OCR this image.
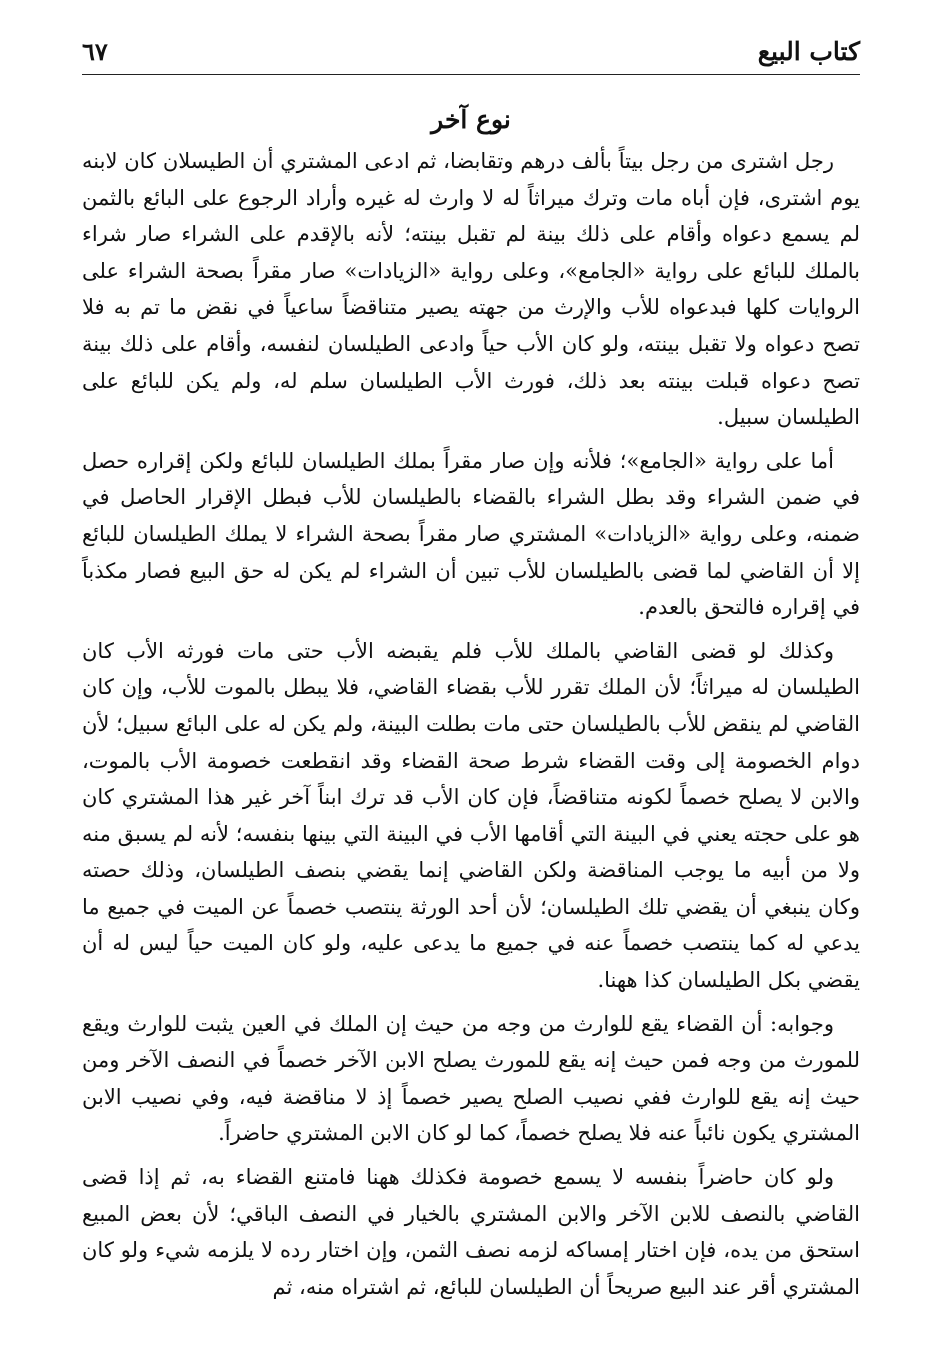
كتاب البيع
٦٧
نوع آخر

رجل اشترى من رجل بيتاً بألف درهم وتقابضا، ثم ادعى المشتري أن الطيسلان كان لابنه يوم اشترى، فإن أباه مات وترك ميراثاً له لا وارث له غيره وأراد الرجوع على البائع بالثمن لم يسمع دعواه وأقام على ذلك بينة لم تقبل بينته؛ لأنه بالإقدم على الشراء صار شراء بالملك للبائع على رواية «الجامع»، وعلى رواية «الزيادات» صار مقراً بصحة الشراء على الروايات كلها فبدعواه للأب والإرث من جهته يصير متناقضاً ساعياً في نقض ما تم به فلا تصح دعواه ولا تقبل بينته، ولو كان الأب حياً وادعى الطيلسان لنفسه، وأقام على ذلك بينة تصح دعواه قبلت بينته بعد ذلك، فورث الأب الطيلسان سلم له، ولم يكن للبائع على الطيلسان سبيل.

أما على رواية «الجامع»؛ فلأنه وإن صار مقراً بملك الطيلسان للبائع ولكن إقراره حصل في ضمن الشراء وقد بطل الشراء بالقضاء بالطيلسان للأب فبطل الإقرار الحاصل في ضمنه، وعلى رواية «الزيادات» المشتري صار مقراً بصحة الشراء لا يملك الطيلسان للبائع إلا أن القاضي لما قضى بالطيلسان للأب تبين أن الشراء لم يكن له حق البيع فصار مكذباً في إقراره فالتحق بالعدم.

وكذلك لو قضى القاضي بالملك للأب فلم يقبضه الأب حتى مات فورثه الأب كان الطيلسان له ميراثاً؛ لأن الملك تقرر للأب بقضاء القاضي، فلا يبطل بالموت للأب، وإن كان القاضي لم ينقض للأب بالطيلسان حتى مات بطلت البينة، ولم يكن له على البائع سبيل؛ لأن دوام الخصومة إلى وقت القضاء شرط صحة القضاء وقد انقطعت خصومة الأب بالموت، والابن لا يصلح خصماً لكونه متناقضاً، فإن كان الأب قد ترك ابناً آخر غير هذا المشتري كان هو على حجته يعني في البينة التي أقامها الأب في البينة التي بينها بنفسه؛ لأنه لم يسبق منه ولا من أبيه ما يوجب المناقضة ولكن القاضي إنما يقضي بنصف الطيلسان، وذلك حصته وكان ينبغي أن يقضي تلك الطيلسان؛ لأن أحد الورثة ينتصب خصماً عن الميت في جميع ما يدعي له كما ينتصب خصماً عنه في جميع ما يدعى عليه، ولو كان الميت حياً ليس له أن يقضي بكل الطيلسان كذا ههنا.

وجوابه: أن القضاء يقع للوارث من وجه من حيث إن الملك في العين يثبت للوارث ويقع للمورث من وجه فمن حيث إنه يقع للمورث يصلح الابن الآخر خصماً في النصف الآخر ومن حيث إنه يقع للوارث ففي نصيب الصلح يصير خصماً إذ لا مناقضة فيه، وفي نصيب الابن المشتري يكون نائباً عنه فلا يصلح خصماً، كما لو كان الابن المشتري حاضراً.

ولو كان حاضراً بنفسه لا يسمع خصومة فكذلك ههنا فامتنع القضاء به، ثم إذا قضى القاضي بالنصف للابن الآخر والابن المشتري بالخيار في النصف الباقي؛ لأن بعض المبيع استحق من يده، فإن اختار إمساكه لزمه نصف الثمن، وإن اختار رده لا يلزمه شيء ولو كان المشتري أقر عند البيع صريحاً أن الطيلسان للبائع، ثم اشتراه منه، ثم
